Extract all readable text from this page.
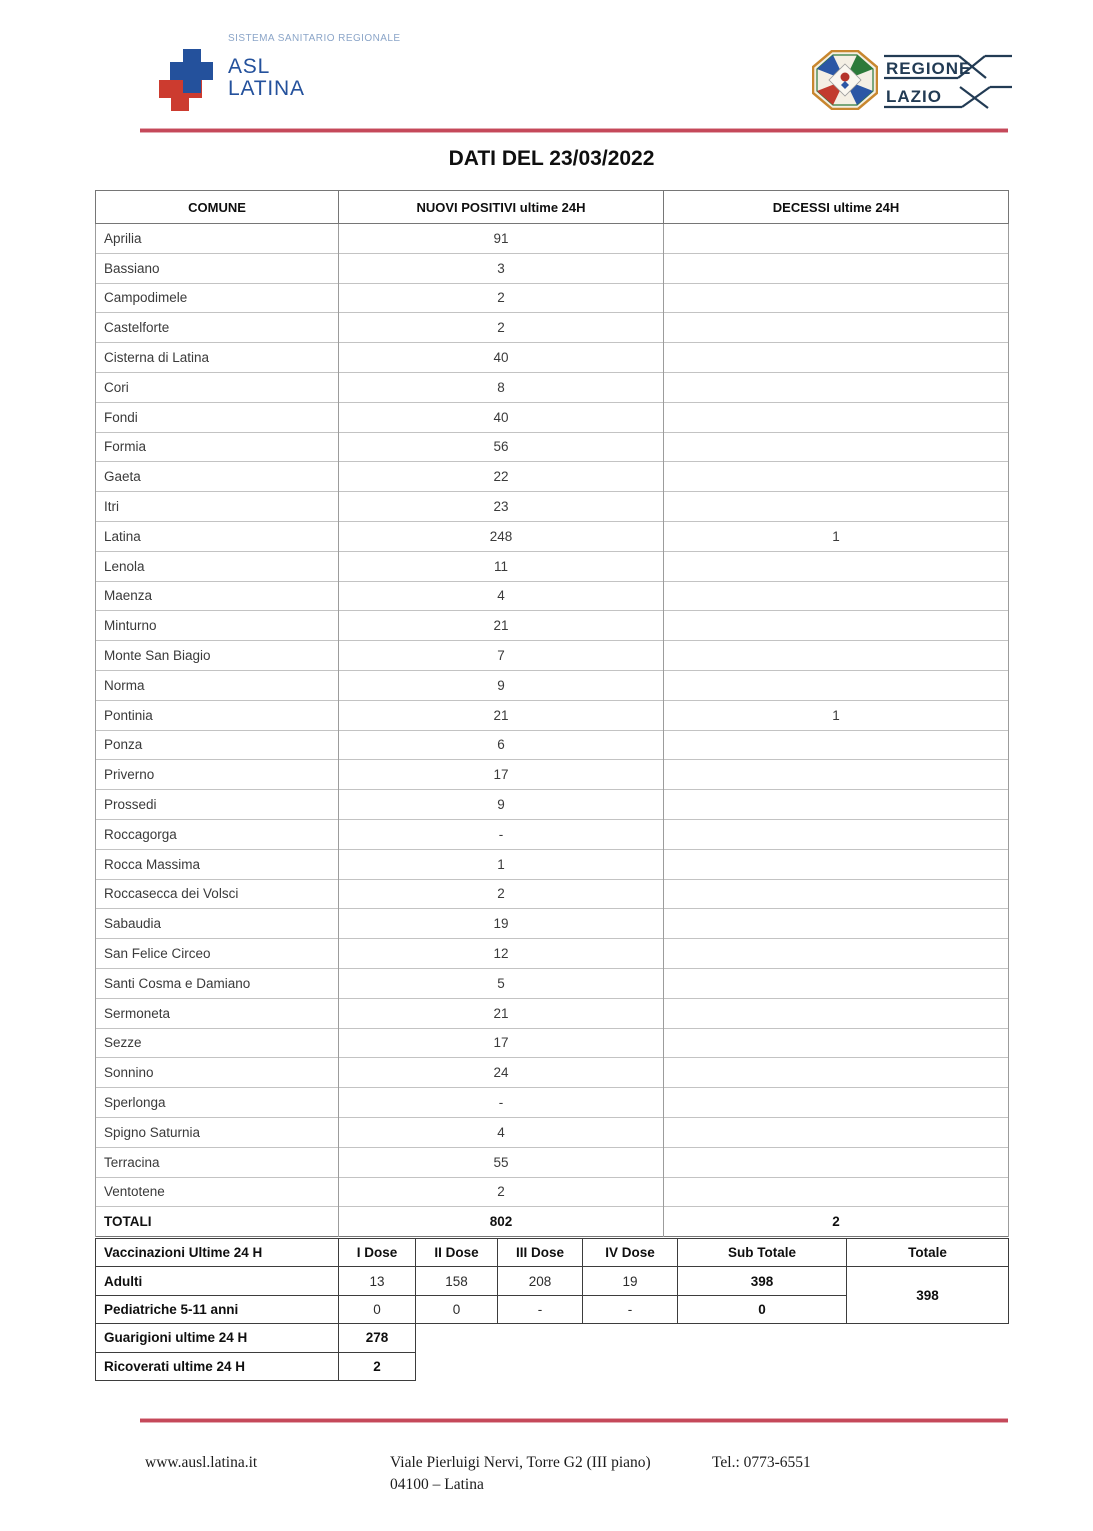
SISTEMA SANITARIO REGIONALE
ASL
LATINA
REGIONE
LAZIO
DATI DEL 23/03/2022
COMUNE	NUOVI POSITIVI ultime 24H	DECESSI ultime 24H
Aprilia	91	
Bassiano	3	
Campodimele	2	
Castelforte	2	
Cisterna di Latina	40	
Cori	8	
Fondi	40	
Formia	56	
Gaeta	22	
Itri	23	
Latina	248	1
Lenola	11	
Maenza	4	
Minturno	21	
Monte San Biagio	7	
Norma	9	
Pontinia	21	1
Ponza	6	
Priverno	17	
Prossedi	9	
Roccagorga	-	
Rocca Massima	1	
Roccasecca dei Volsci	2	
Sabaudia	19	
San Felice Circeo	12	
Santi Cosma e Damiano	5	
Sermoneta	21	
Sezze	17	
Sonnino	24	
Sperlonga	-	
Spigno Saturnia	4	
Terracina	55	
Ventotene	2	
TOTALI	802	2
Vaccinazioni Ultime 24 H	I Dose	II Dose	III Dose	IV Dose	Sub Totale	Totale
Adulti	13	158	208	19	398	398
Pediatriche 5-11 anni	0	0	-	-	0	
Guarigioni ultime 24 H	278					
Ricoverati ultime 24 H	2					
www.ausl.latina.it	Viale Pierluigi Nervi, Torre G2 (III piano)
04100 – Latina
Tel.: 0773-6551
